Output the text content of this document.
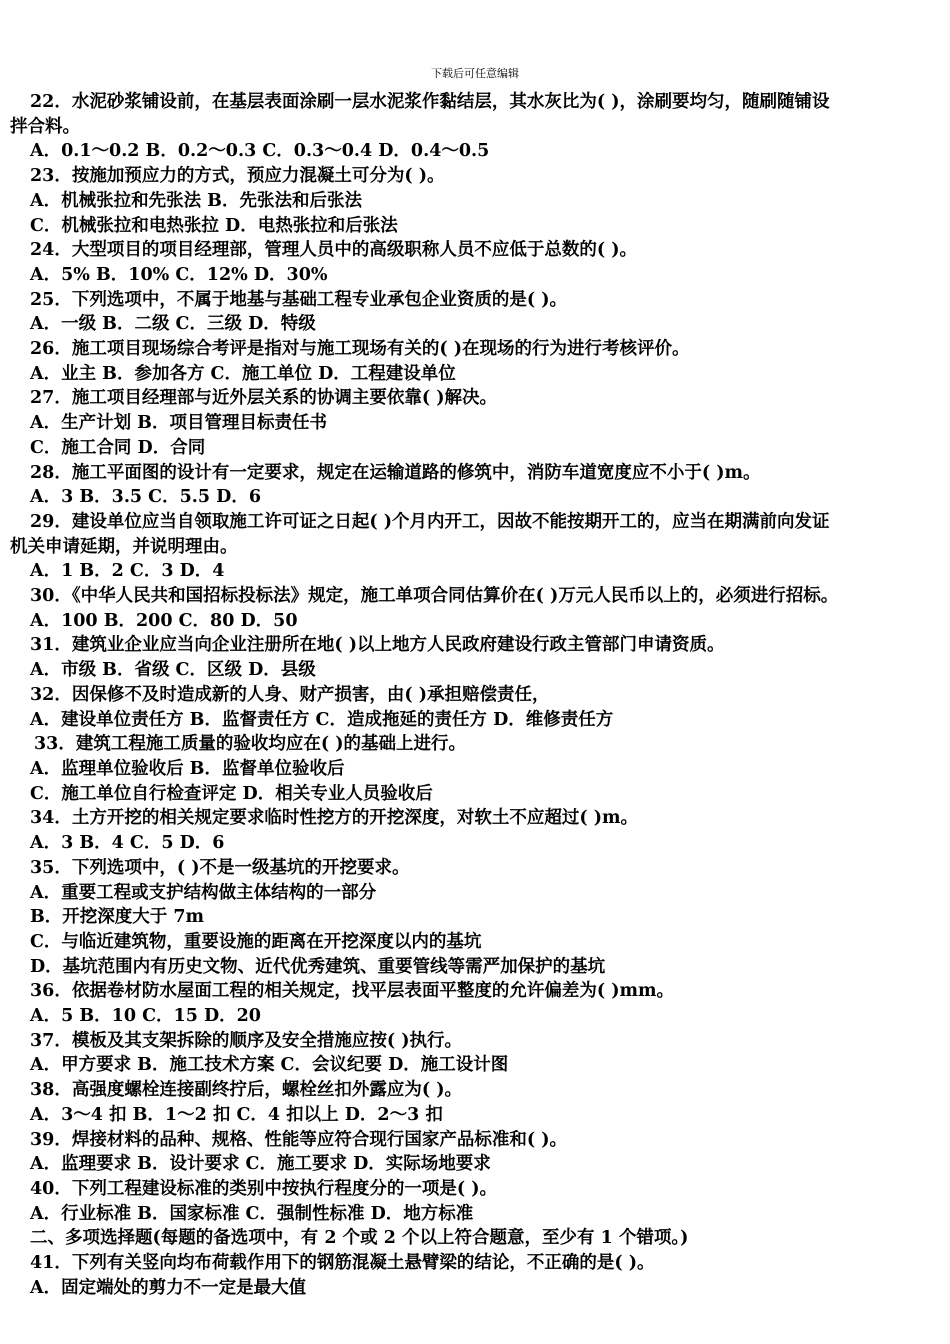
下载后可任意编辑
22．水泥砂浆铺设前，在基层表面涂刷一层水泥浆作黏结层，其水灰比为( )，涂刷要均匀，随刷随铺设
拌合料。
A．0.1～0.2 B．0.2～0.3 C．0.3～0.4 D．0.4～0.5
23．按施加预应力的方式，预应力混凝土可分为( )。
A．机械张拉和先张法 B．先张法和后张法
C．机械张拉和电热张拉 D．电热张拉和后张法
24．大型项目的项目经理部，管理人员中的高级职称人员不应低于总数的( )。
A．5% B．10% C．12% D．30%
25．下列选项中，不属于地基与基础工程专业承包企业资质的是( )。
A．一级 B．二级 C．三级 D．特级
26．施工项目现场综合考评是指对与施工现场有关的( )在现场的行为进行考核评价。
A．业主 B．参加各方 C．施工单位 D．工程建设单位
27．施工项目经理部与近外层关系的协调主要依靠( )解决。
A．生产计划 B．项目管理目标责任书
C．施工合同 D．合同
28．施工平面图的设计有一定要求，规定在运输道路的修筑中，消防车道宽度应不小于( )m。
A．3 B．3.5 C．5.5 D．6
29．建设单位应当自领取施工许可证之日起( )个月内开工，因故不能按期开工的，应当在期满前向发证
机关申请延期，并说明理由。
A．1 B．2 C．3 D．4
30．《中华人民共和国招标投标法》规定，施工单项合同估算价在( )万元人民币以上的，必须进行招标。
A．100 B．200 C．80 D．50
31．建筑业企业应当向企业注册所在地( )以上地方人民政府建设行政主管部门申请资质。
A．市级 B．省级 C．区级 D．县级
32．因保修不及时造成新的人身、财产损害，由( )承担赔偿责任，
A．建设单位责任方 B．监督责任方 C．造成拖延的责任方 D．维修责任方
33．建筑工程施工质量的验收均应在( )的基础上进行。
A．监理单位验收后 B．监督单位验收后
C．施工单位自行检查评定 D．相关专业人员验收后
34．土方开挖的相关规定要求临时性挖方的开挖深度，对软土不应超过( )m。
A．3 B．4 C．5 D．6
35．下列选项中，( )不是一级基坑的开挖要求。
A．重要工程或支护结构做主体结构的一部分
B．开挖深度大于 7m
C．与临近建筑物，重要设施的距离在开挖深度以内的基坑
D．基坑范围内有历史文物、近代优秀建筑、重要管线等需严加保护的基坑
36．依据卷材防水屋面工程的相关规定，找平层表面平整度的允许偏差为( )mm。
A．5 B．10 C．15 D．20
37．模板及其支架拆除的顺序及安全措施应按( )执行。
A．甲方要求 B．施工技术方案 C．会议纪要 D．施工设计图
38．高强度螺栓连接副终拧后，螺栓丝扣外露应为( )。
A．3～4 扣 B．1～2 扣 C．4 扣以上 D．2～3 扣
39．焊接材料的品种、规格、性能等应符合现行国家产品标准和( )。
A．监理要求 B．设计要求 C．施工要求 D．实际场地要求
40．下列工程建设标准的类别中按执行程度分的一项是( )。
A．行业标准 B．国家标准 C．强制性标准 D．地方标准
二、多项选择题(每题的备选项中，有 2 个或 2 个以上符合题意，至少有 1 个错项。)
41．下列有关竖向均布荷载作用下的钢筋混凝土悬臂梁的结论，不正确的是( )。
A．固定端处的剪力不一定是最大值
